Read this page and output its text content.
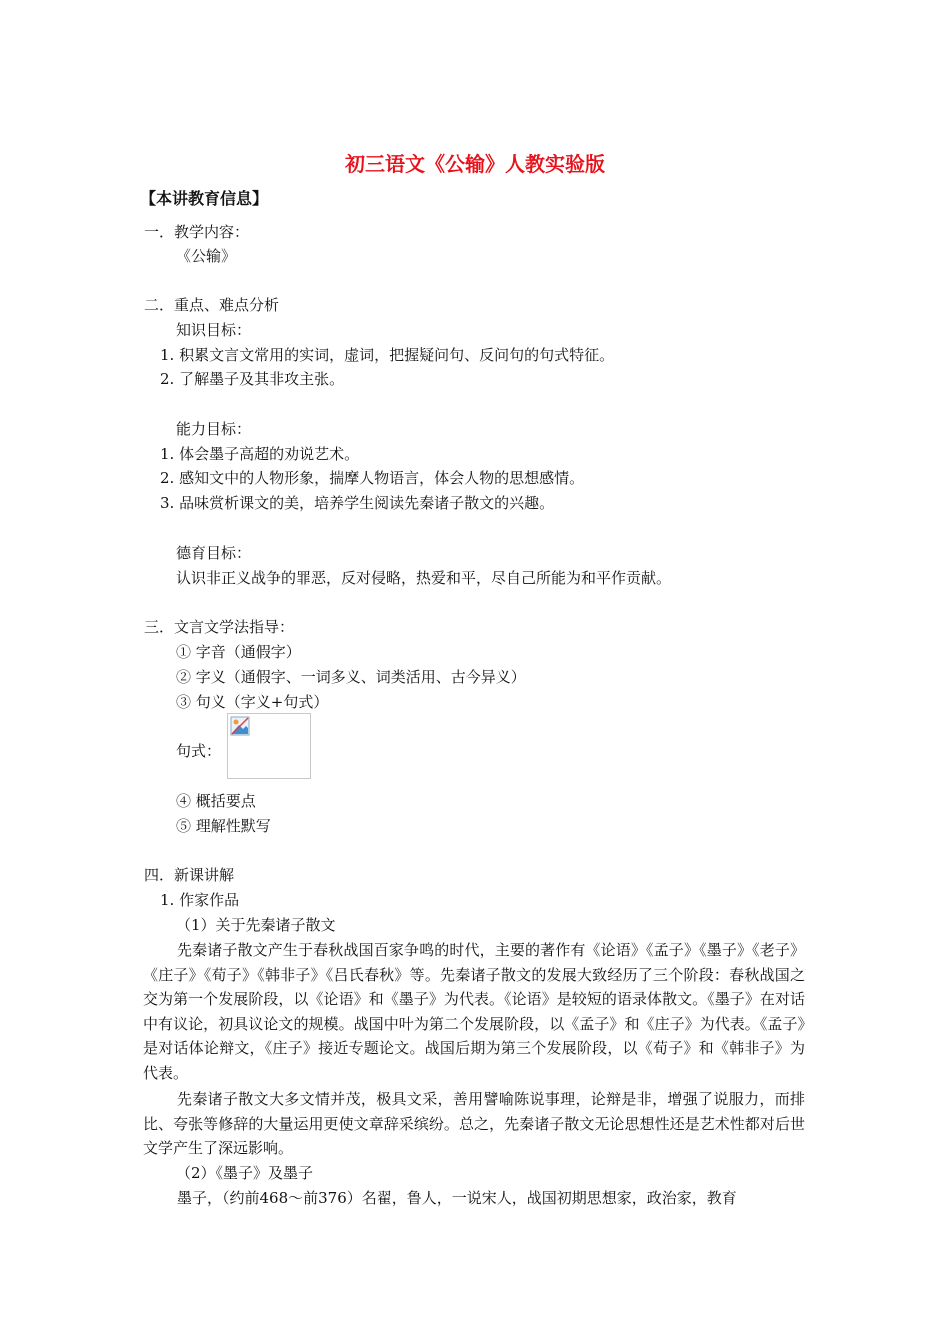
初三语文《公输》人教实验版
【本讲教育信息】
一．教学内容：
《公输》
二．重点、难点分析
知识目标：
1. 积累文言文常用的实词，虚词，把握疑问句、反问句的句式特征。
2. 了解墨子及其非攻主张。
能力目标：
1. 体会墨子高超的劝说艺术。
2. 感知文中的人物形象，揣摩人物语言，体会人物的思想感情。
3. 品味赏析课文的美，培养学生阅读先秦诸子散文的兴趣。
德育目标：
认识非正义战争的罪恶，反对侵略，热爱和平，尽自己所能为和平作贡献。
三．文言文学法指导：
① 字音（通假字）
② 字义（通假字、一词多义、词类活用、古今异义）
③ 句义（字义+句式）
句式：
④ 概括要点
⑤ 理解性默写
四．新课讲解
1. 作家作品
（1）关于先秦诸子散文
先秦诸子散文产生于春秋战国百家争鸣的时代，主要的著作有《论语》《孟子》《墨子》《老子》《庄子》《荀子》《韩非子》《吕氏春秋》等。先秦诸子散文的发展大致经历了三个阶段：春秋战国之交为第一个发展阶段，以《论语》和《墨子》为代表。《论语》是较短的语录体散文。《墨子》在对话中有议论，初具议论文的规模。战国中叶为第二个发展阶段，以《孟子》和《庄子》为代表。《孟子》是对话体论辩文，《庄子》接近专题论文。战国后期为第三个发展阶段，以《荀子》和《韩非子》为代表。
先秦诸子散文大多文情并茂，极具文采，善用譬喻陈说事理，论辩是非，增强了说服力，而排比、夸张等修辞的大量运用更使文章辞采缤纷。总之，先秦诸子散文无论思想性还是艺术性都对后世文学产生了深远影响。
（2）《墨子》及墨子
墨子，（约前468～前376）名翟，鲁人，一说宋人，战国初期思想家，政治家，教育
